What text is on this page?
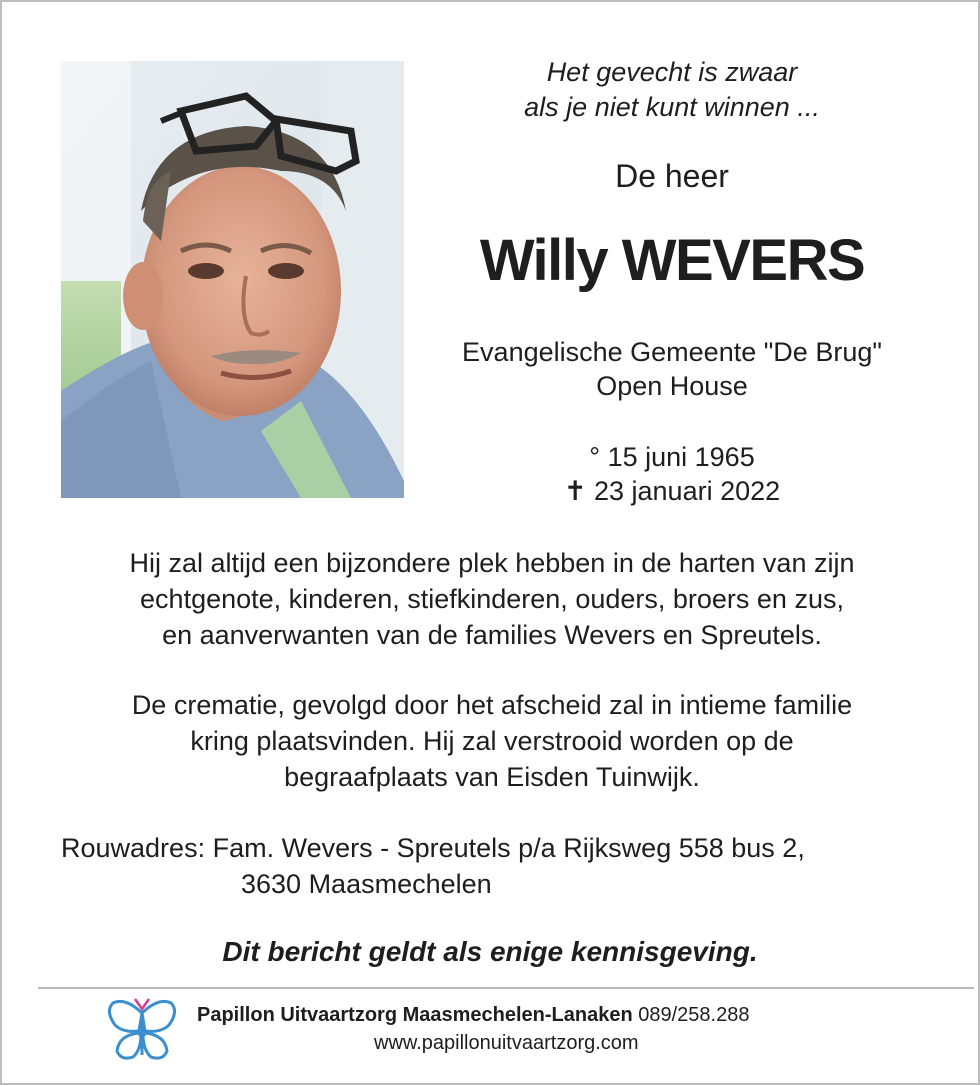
Het gevecht is zwaar
als je niet kunt winnen ...
De heer
Willy WEVERS
Evangelische Gemeente "De Brug"
Open House
° 15 juni 1965
✝ 23 januari 2022
Hij zal altijd een bijzondere plek hebben in de harten van zijn
echtgenote, kinderen, stiefkinderen, ouders, broers en zus,
en aanverwanten van de families Wevers en Spreutels.
De crematie, gevolgd door het afscheid zal in intieme familie
kring plaatsvinden. Hij zal verstrooid worden op de
begraafplaats van Eisden Tuinwijk.
Rouwadres: Fam. Wevers - Spreutels p/a Rijksweg 558 bus 2,
3630 Maasmechelen
Dit bericht geldt als enige kennisgeving.
Papillon Uitvaartzorg Maasmechelen-Lanaken 089/258.288
www.papillonuitvaartzorg.com
